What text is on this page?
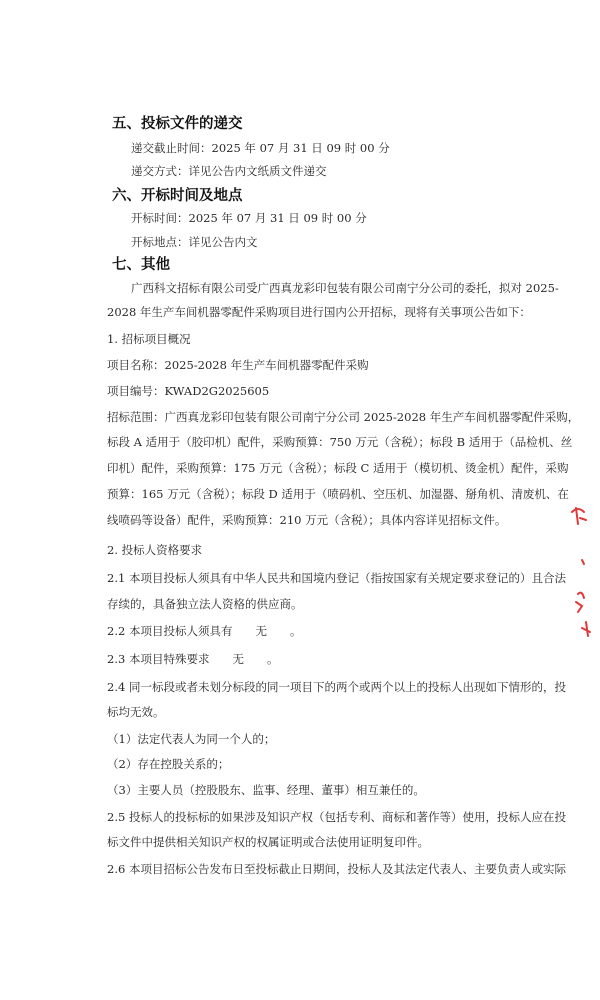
五、投标文件的递交
递交截止时间：2025 年 07 月 31 日 09 时 00 分
递交方式：详见公告内文纸质文件递交
六、开标时间及地点
开标时间：2025 年 07 月 31 日 09 时 00 分
开标地点：详见公告内文
七、其他
广西科文招标有限公司受广西真龙彩印包装有限公司南宁分公司的委托，拟对 2025-
2028 年生产车间机器零配件采购项目进行国内公开招标，现将有关事项公告如下：
1. 招标项目概况
项目名称：2025-2028 年生产车间机器零配件采购
项目编号：KWAD2G2025605
招标范围：广西真龙彩印包装有限公司南宁分公司 2025-2028 年生产车间机器零配件采购，
标段 A 适用于（胶印机）配件，采购预算：750 万元（含税）；标段 B 适用于（品检机、丝
印机）配件，采购预算：175 万元（含税）；标段 C 适用于（模切机、烫金机）配件，采购
预算：165 万元（含税）；标段 D 适用于（喷码机、空压机、加湿器、掰角机、清废机、在
线喷码等设备）配件，采购预算：210 万元（含税）；具体内容详见招标文件。
2. 投标人资格要求
2.1 本项目投标人须具有中华人民共和国境内登记（指按国家有关规定要求登记的）且合法
存续的，具备独立法人资格的供应商。
2.2 本项目投标人须具有　　无　　。
2.3 本项目特殊要求　　无　　。
2.4 同一标段或者未划分标段的同一项目下的两个或两个以上的投标人出现如下情形的，投
标均无效。
（1）法定代表人为同一个人的；
（2）存在控股关系的；
（3）主要人员（控股股东、监事、经理、董事）相互兼任的。
2.5 投标人的投标标的如果涉及知识产权（包括专利、商标和著作等）使用，投标人应在投
标文件中提供相关知识产权的权属证明或合法使用证明复印件。
2.6 本项目招标公告发布日至投标截止日期间，投标人及其法定代表人、主要负责人或实际
